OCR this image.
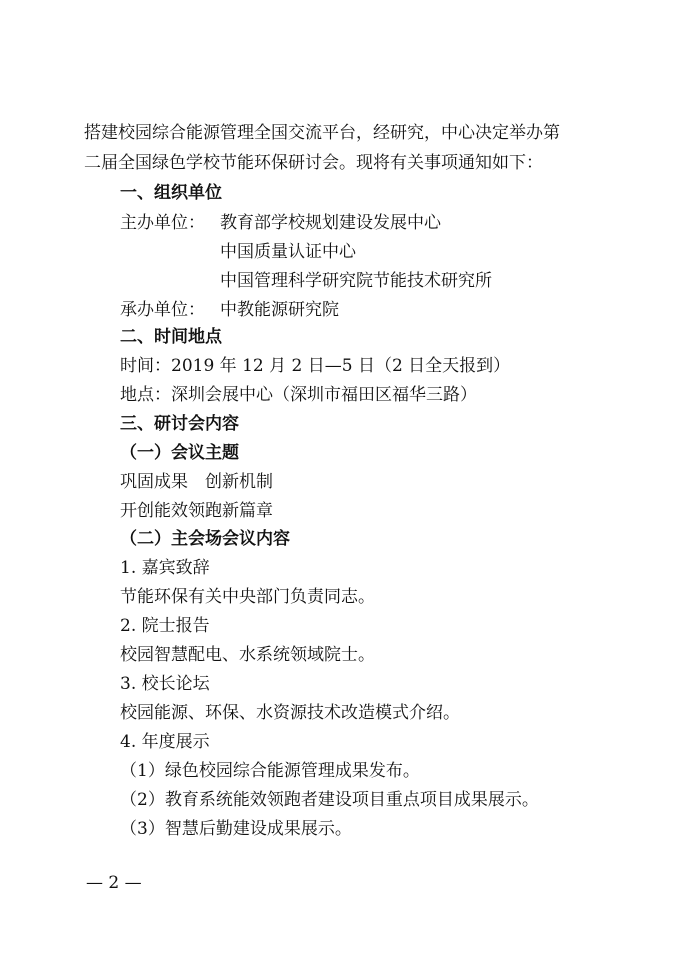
搭建校园综合能源管理全国交流平台，经研究，中心决定举办第
二届全国绿色学校节能环保研讨会。现将有关事项通知如下：
一、组织单位
主办单位： 教育部学校规划建设发展中心
中国质量认证中心
中国管理科学研究院节能技术研究所
承办单位： 中教能源研究院
二、时间地点
时间：2019 年 12 月 2 日—5 日（2 日全天报到）
地点：深圳会展中心（深圳市福田区福华三路）
三、研讨会内容
（一）会议主题
巩固成果　创新机制
开创能效领跑新篇章
（二）主会场会议内容
1. 嘉宾致辞
节能环保有关中央部门负责同志。
2. 院士报告
校园智慧配电、水系统领域院士。
3. 校长论坛
校园能源、环保、水资源技术改造模式介绍。
4. 年度展示
（1）绿色校园综合能源管理成果发布。
（2）教育系统能效领跑者建设项目重点项目成果展示。
（3）智慧后勤建设成果展示。
— 2 —
